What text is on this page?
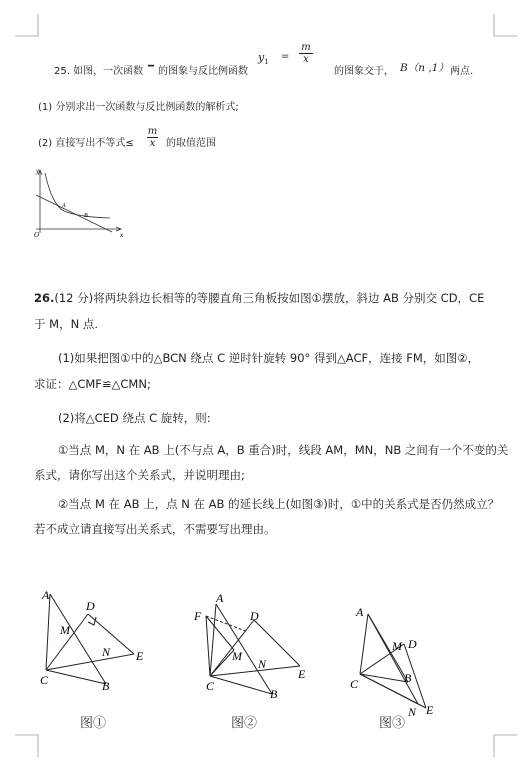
25. 如图，一次函数 ━ 的图象与反比例函数
$y_1$
=
m
x
的图象交于， B（n ,1） 两点.
(1) 分别求出一次函数与反比例函数的解析式;
(2) 直接写出不等式≤
m
x 的取值范围
y
x
O
A
B
26.(12 分)将两块斜边长相等的等腰直角三角板按如图①摆放，斜边 AB 分别交 CD，CE
于 M，N 点.
(1)如果把图①中的△BCN 绕点 C 逆时针旋转 90° 得到△ACF，连接 FM，如图②，
求证：△CMF≌△CMN;
(2)将△CED 绕点 C 旋转，则:
①当点 M，N 在 AB 上(不与点 A，B 重合)时，线段 AM，MN，NB 之间有一个不变的关
系式，请你写出这个关系式，并说明理由;
②当点 M 在 AB 上，点 N 在 AB 的延长线上(如图③)时，①中的关系式是否仍然成立？
若不成立请直接写出关系式，不需要写出理由。
A
D
M
N E
C	B
图①
F
A
D
M
N
E
C
B
图②
A
M D
C	B
N E
图③
